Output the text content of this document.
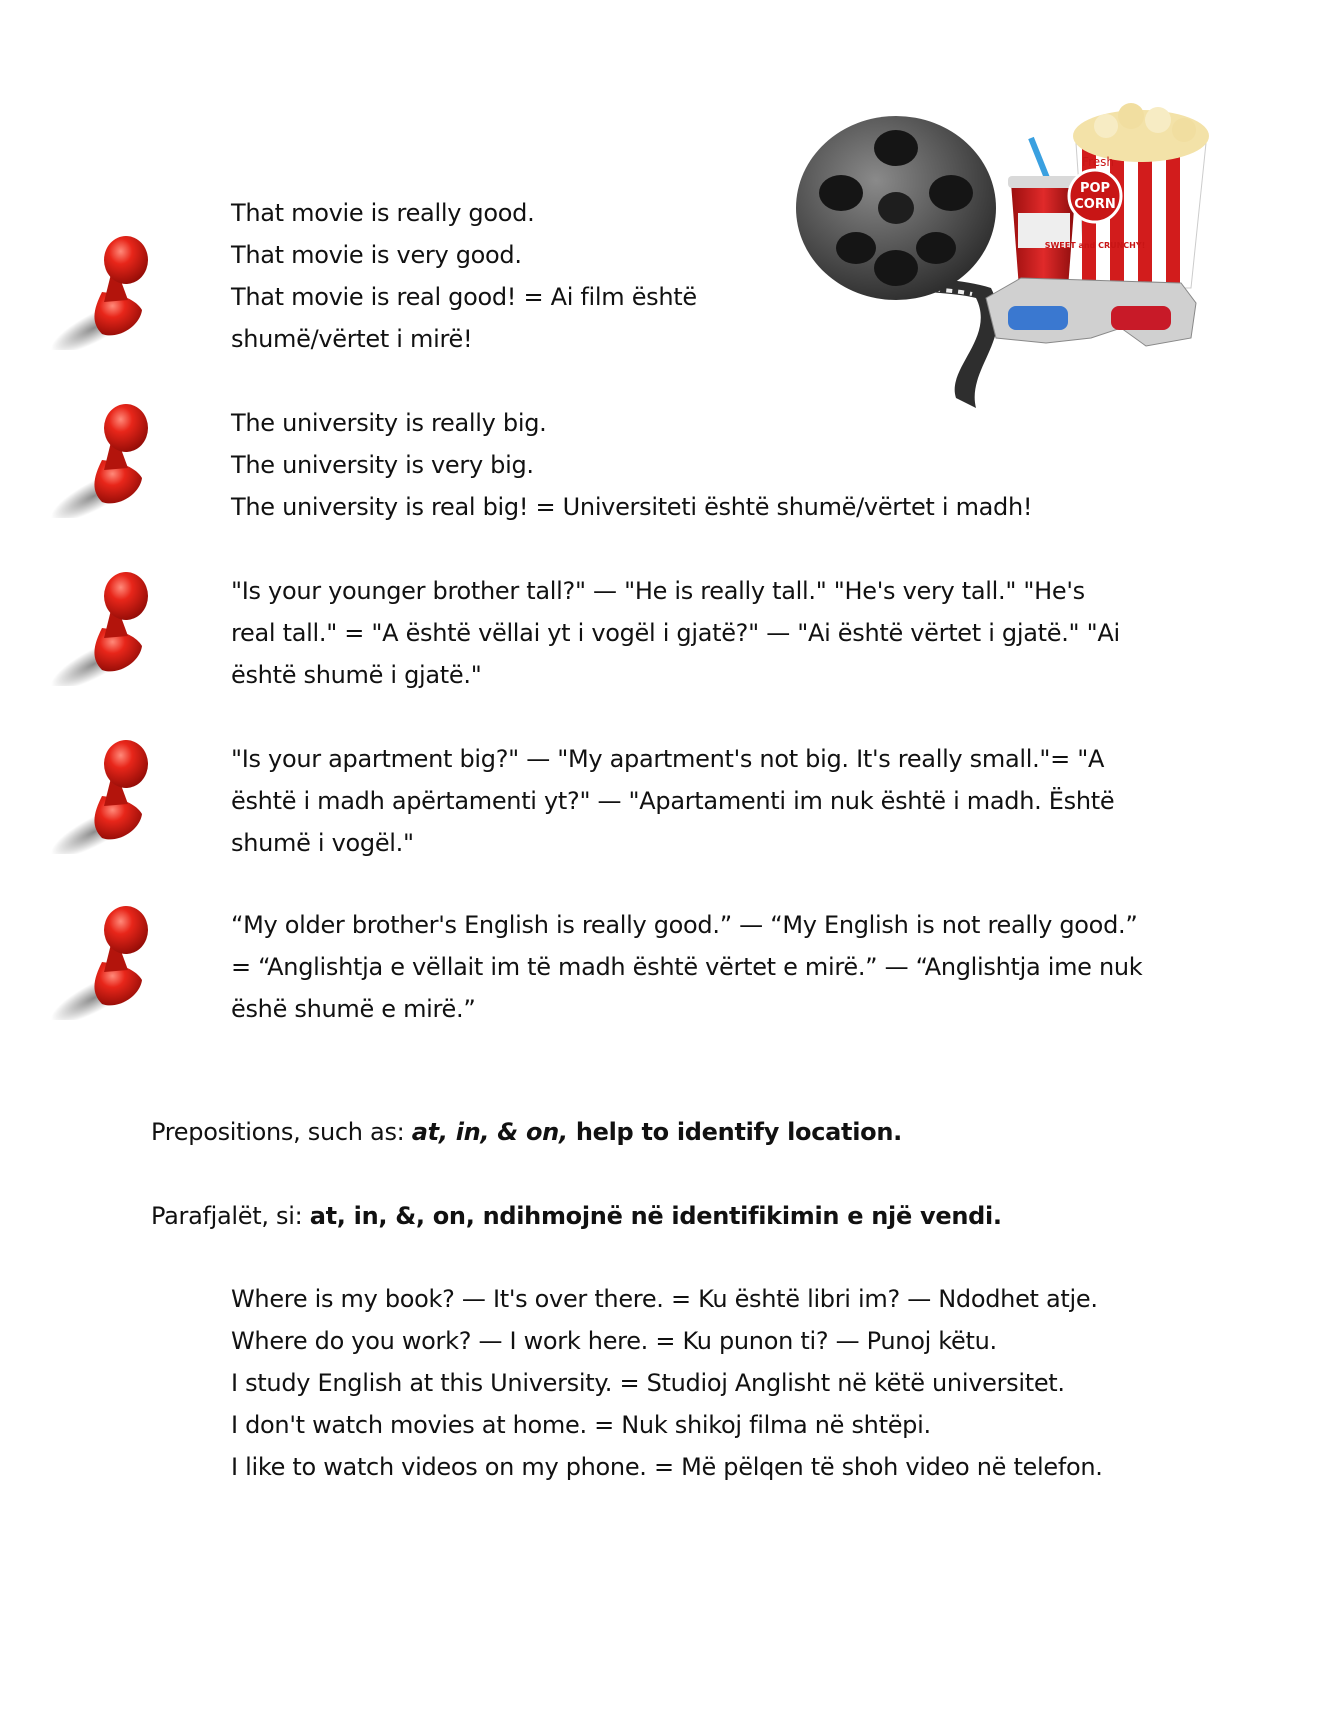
POP
CORN
Fresh
SWEET and CRUNCHY!
That movie is really good.
That movie is very good.
That movie is real good! = Ai film është
shumë/vërtet i mirë!
The university is really big.
The university is very big.
The university is real big! = Universiteti është shumë/vërtet i madh!
"Is your younger brother tall?" — "He is really tall." "He's very tall." "He's
real tall." = "A është vëllai yt i vogël i gjatë?" — "Ai është vërtet i gjatë." "Ai
është shumë i gjatë."
"Is your apartment big?" — "My apartment's not big. It's really small."= "A
është i madh apërtamenti yt?" — "Apartamenti im nuk është i madh. Është
shumë i vogël."
“My older brother's English is really good.” — “My English is not really good.”
= “Anglishtja e vëllait im të madh është vërtet e mirë.” — “Anglishtja ime nuk
ëshë shumë e mirë.”
Prepositions, such as: at, in, & on, help to identify location.
Parafjalët, si: at, in, &, on, ndihmojnë në identifikimin e një vendi.
Where is my book? — It's over there. = Ku është libri im? — Ndodhet atje.
Where do you work? — I work here. = Ku punon ti? — Punoj këtu.
I study English at this University. = Studioj Anglisht në këtë universitet.
I don't watch movies at home. = Nuk shikoj filma në shtëpi.
I like to watch videos on my phone. = Më pëlqen të shoh video në telefon.
